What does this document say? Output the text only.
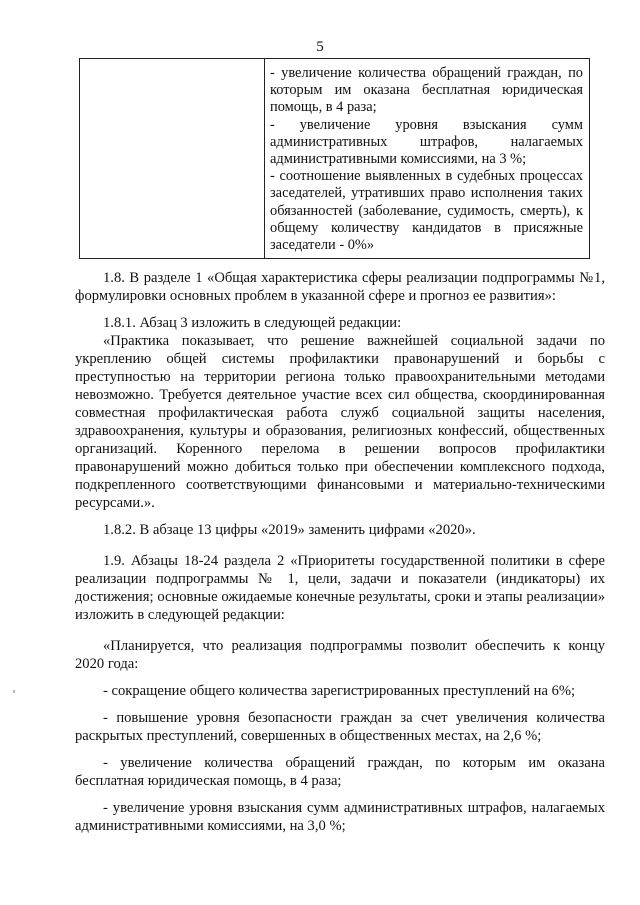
5
- увеличение количества обращений граждан, по которым им оказана бесплатная юридическая помощь, в 4 раза;
- увеличение уровня взыскания сумм административных штрафов, налагаемых административными комиссиями, на 3 %;
- соотношение выявленных в судебных процессах заседателей, утративших право исполнения таких обязанностей (заболевание, судимость, смерть), к общему количеству кандидатов в присяжные заседатели - 0%»

1.8. В разделе 1 «Общая характеристика сферы реализации подпрограммы №1, формулировки основных проблем в указанной сфере и прогноз ее развития»:

1.8.1. Абзац 3 изложить в следующей редакции:

«Практика показывает, что решение важнейшей социальной задачи по укреплению общей системы профилактики правонарушений и борьбы с преступностью на территории региона только правоохранительными методами невозможно. Требуется деятельное участие всех сил общества, скоординированная совместная профилактическая работа служб социальной защиты населения, здравоохранения, культуры и образования, религиозных конфессий, общественных организаций. Коренного перелома в решении вопросов профилактики правонарушений можно добиться только при обеспечении комплексного подхода, подкрепленного соответствующими финансовыми и материально-техническими ресурсами.».

1.8.2. В абзаце 13 цифры «2019» заменить цифрами «2020».

1.9. Абзацы 18-24 раздела 2 «Приоритеты государственной политики в сфере реализации подпрограммы № 1, цели, задачи и показатели (индикаторы) их достижения; основные ожидаемые конечные результаты, сроки и этапы реализации» изложить в следующей редакции:

«Планируется, что реализация подпрограммы позволит обеспечить к концу 2020 года:

- сокращение общего количества зарегистрированных преступлений на 6%;

- повышение уровня безопасности граждан за счет увеличения количества раскрытых преступлений, совершенных в общественных местах, на 2,6 %;

- увеличение количества обращений граждан, по которым им оказана бесплатная юридическая помощь, в 4 раза;

- увеличение уровня взыскания сумм административных штрафов, налагаемых административными комиссиями, на 3,0 %;
